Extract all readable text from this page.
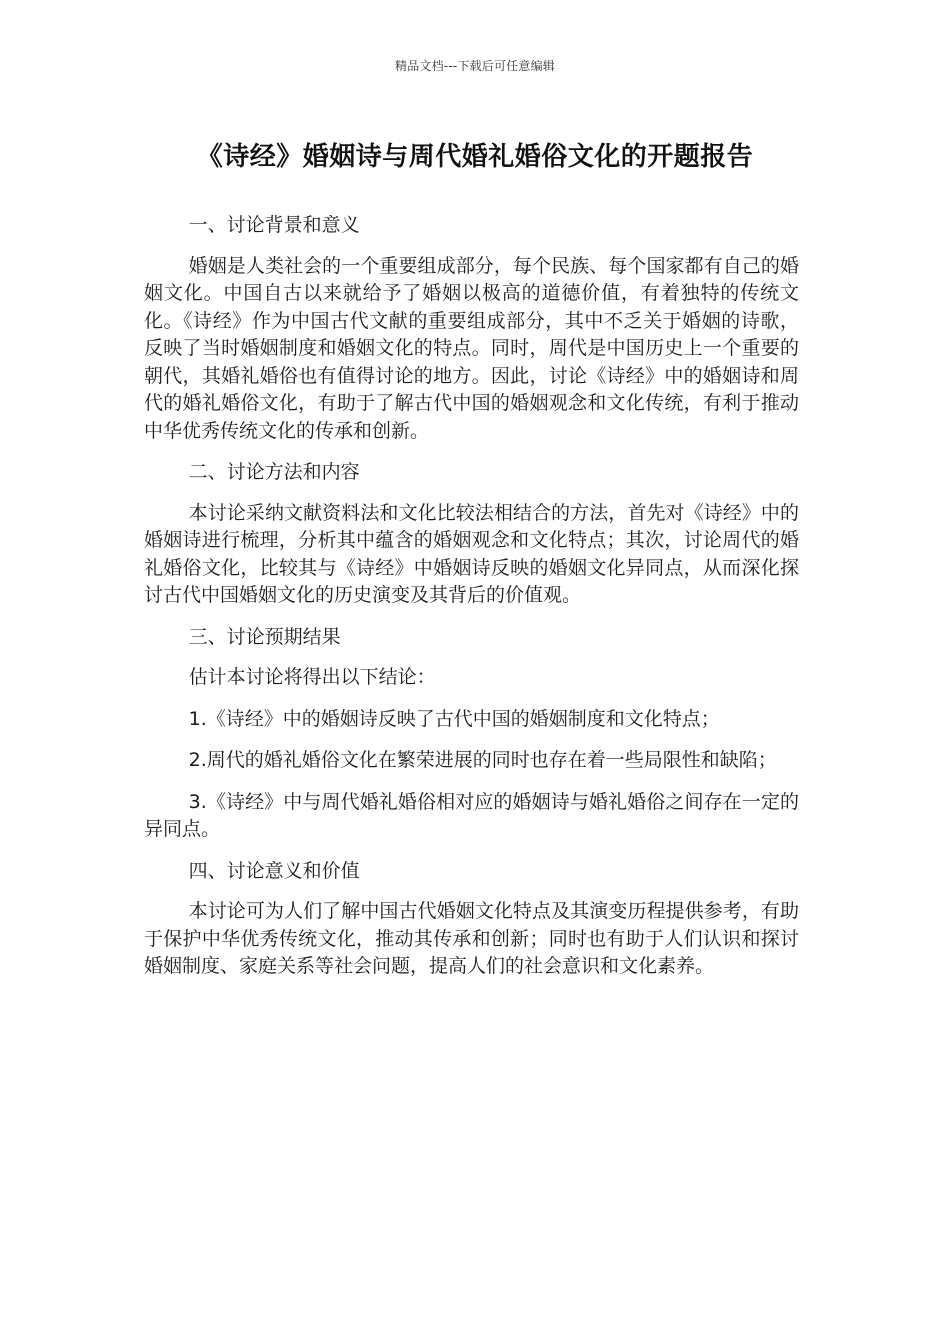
精品文档---下载后可任意编辑
《诗经》婚姻诗与周代婚礼婚俗文化的开题报告

一、讨论背景和意义

婚姻是人类社会的一个重要组成部分，每个民族、每个国家都有自己的婚姻文化。中国自古以来就给予了婚姻以极高的道德价值，有着独特的传统文化。《诗经》作为中国古代文献的重要组成部分，其中不乏关于婚姻的诗歌，反映了当时婚姻制度和婚姻文化的特点。同时，周代是中国历史上一个重要的朝代，其婚礼婚俗也有值得讨论的地方。因此，讨论《诗经》中的婚姻诗和周代的婚礼婚俗文化，有助于了解古代中国的婚姻观念和文化传统，有利于推动中华优秀传统文化的传承和创新。

二、讨论方法和内容

本讨论采纳文献资料法和文化比较法相结合的方法，首先对《诗经》中的婚姻诗进行梳理，分析其中蕴含的婚姻观念和文化特点；其次，讨论周代的婚礼婚俗文化，比较其与《诗经》中婚姻诗反映的婚姻文化异同点，从而深化探讨古代中国婚姻文化的历史演变及其背后的价值观。

三、讨论预期结果

估计本讨论将得出以下结论：

1.《诗经》中的婚姻诗反映了古代中国的婚姻制度和文化特点；

2.周代的婚礼婚俗文化在繁荣进展的同时也存在着一些局限性和缺陷；

3.《诗经》中与周代婚礼婚俗相对应的婚姻诗与婚礼婚俗之间存在一定的异同点。

四、讨论意义和价值

本讨论可为人们了解中国古代婚姻文化特点及其演变历程提供参考，有助于保护中华优秀传统文化，推动其传承和创新；同时也有助于人们认识和探讨婚姻制度、家庭关系等社会问题，提高人们的社会意识和文化素养。
